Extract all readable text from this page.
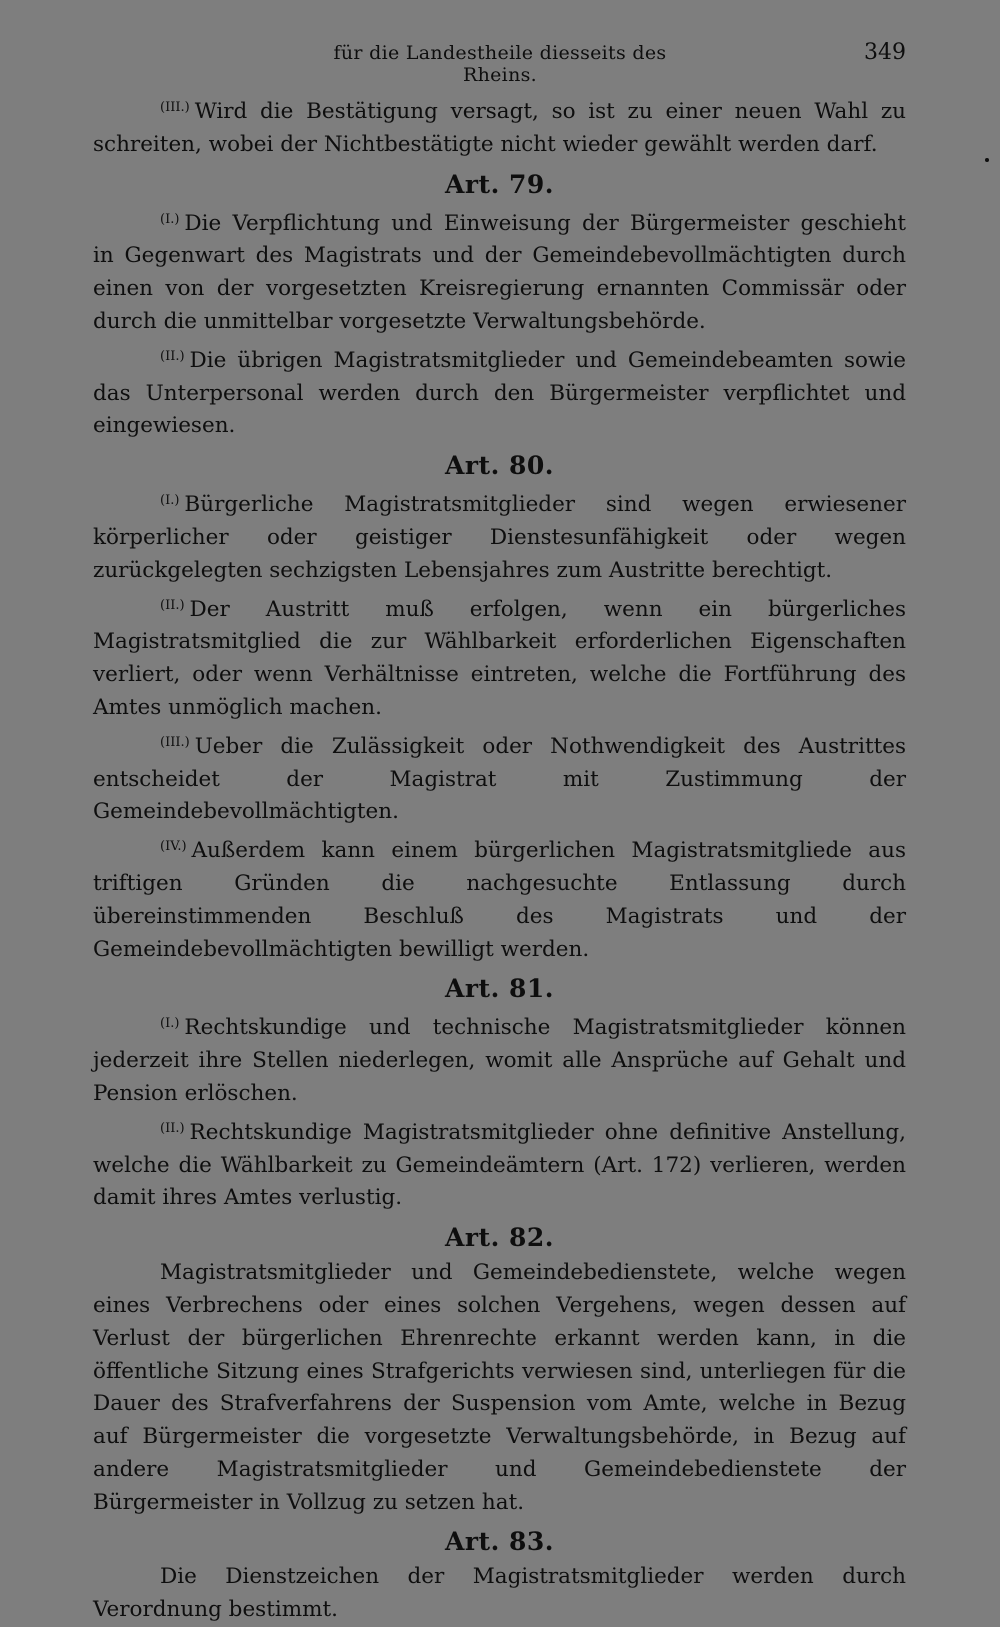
für die Landestheile diesseits des Rheins.
349

$^{(III.)}$ Wird die Bestätigung versagt, so ist zu einer neuen Wahl zu schreiten, wobei der Nichtbestätigte nicht wieder gewählt werden darf.

Art. 79.

$^{(I.)}$ Die Verpflichtung und Einweisung der Bürgermeister geschieht in Gegenwart des Magistrats und der Gemeindebevollmächtigten durch einen von der vorgesetzten Kreisregierung ernannten Commissär oder durch die unmittelbar vorgesetzte Verwaltungsbehörde.

$^{(II.)}$ Die übrigen Magistratsmitglieder und Gemeindebeamten sowie das Unterpersonal werden durch den Bürgermeister verpflichtet und eingewiesen.

Art. 80.

$^{(I.)}$ Bürgerliche Magistratsmitglieder sind wegen erwiesener körperlicher oder geistiger Dienstesunfähigkeit oder wegen zurückgelegten sechzigsten Lebensjahres zum Austritte berechtigt.

$^{(II.)}$ Der Austritt muß erfolgen, wenn ein bürgerliches Magistratsmitglied die zur Wählbarkeit erforderlichen Eigenschaften verliert, oder wenn Verhältnisse eintreten, welche die Fortführung des Amtes unmöglich machen.

$^{(III.)}$ Ueber die Zulässigkeit oder Nothwendigkeit des Austrittes entscheidet der Magistrat mit Zustimmung der Gemeindebevollmächtigten.

$^{(IV.)}$ Außerdem kann einem bürgerlichen Magistratsmitgliede aus triftigen Gründen die nachgesuchte Entlassung durch übereinstimmenden Beschluß des Magistrats und der Gemeindebevollmächtigten bewilligt werden.

Art. 81.

$^{(I.)}$ Rechtskundige und technische Magistratsmitglieder können jederzeit ihre Stellen niederlegen, womit alle Ansprüche auf Gehalt und Pension erlöschen.

$^{(II.)}$ Rechtskundige Magistratsmitglieder ohne definitive Anstellung, welche die Wählbarkeit zu Gemeindeämtern (Art. 172) verlieren, werden damit ihres Amtes verlustig.

Art. 82.

Magistratsmitglieder und Gemeindebedienstete, welche wegen eines Verbrechens oder eines solchen Vergehens, wegen dessen auf Verlust der bürgerlichen Ehrenrechte erkannt werden kann, in die öffentliche Sitzung eines Strafgerichts verwiesen sind, unterliegen für die Dauer des Strafverfahrens der Suspension vom Amte, welche in Bezug auf Bürgermeister die vorgesetzte Verwaltungsbehörde, in Bezug auf andere Magistratsmitglieder und Gemeindebedienstete der Bürgermeister in Vollzug zu setzen hat.

Art. 83.

Die Dienstzeichen der Magistratsmitglieder werden durch Verordnung bestimmt.
